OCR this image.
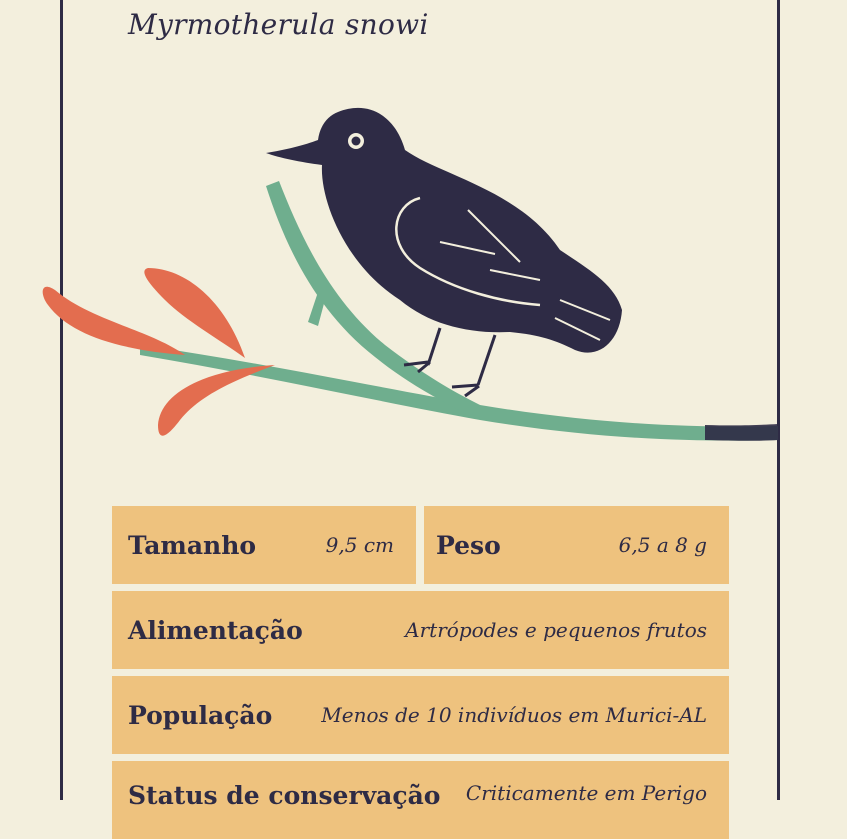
Myrmotherula snowi
Tamanho	9,5 cm Peso	6,5 a 8 g
Alimentação	Artrópodes e pequenos frutos
População Menos de 10 indivíduos em Murici-AL
Status de conservação Criticamente em Perigo
